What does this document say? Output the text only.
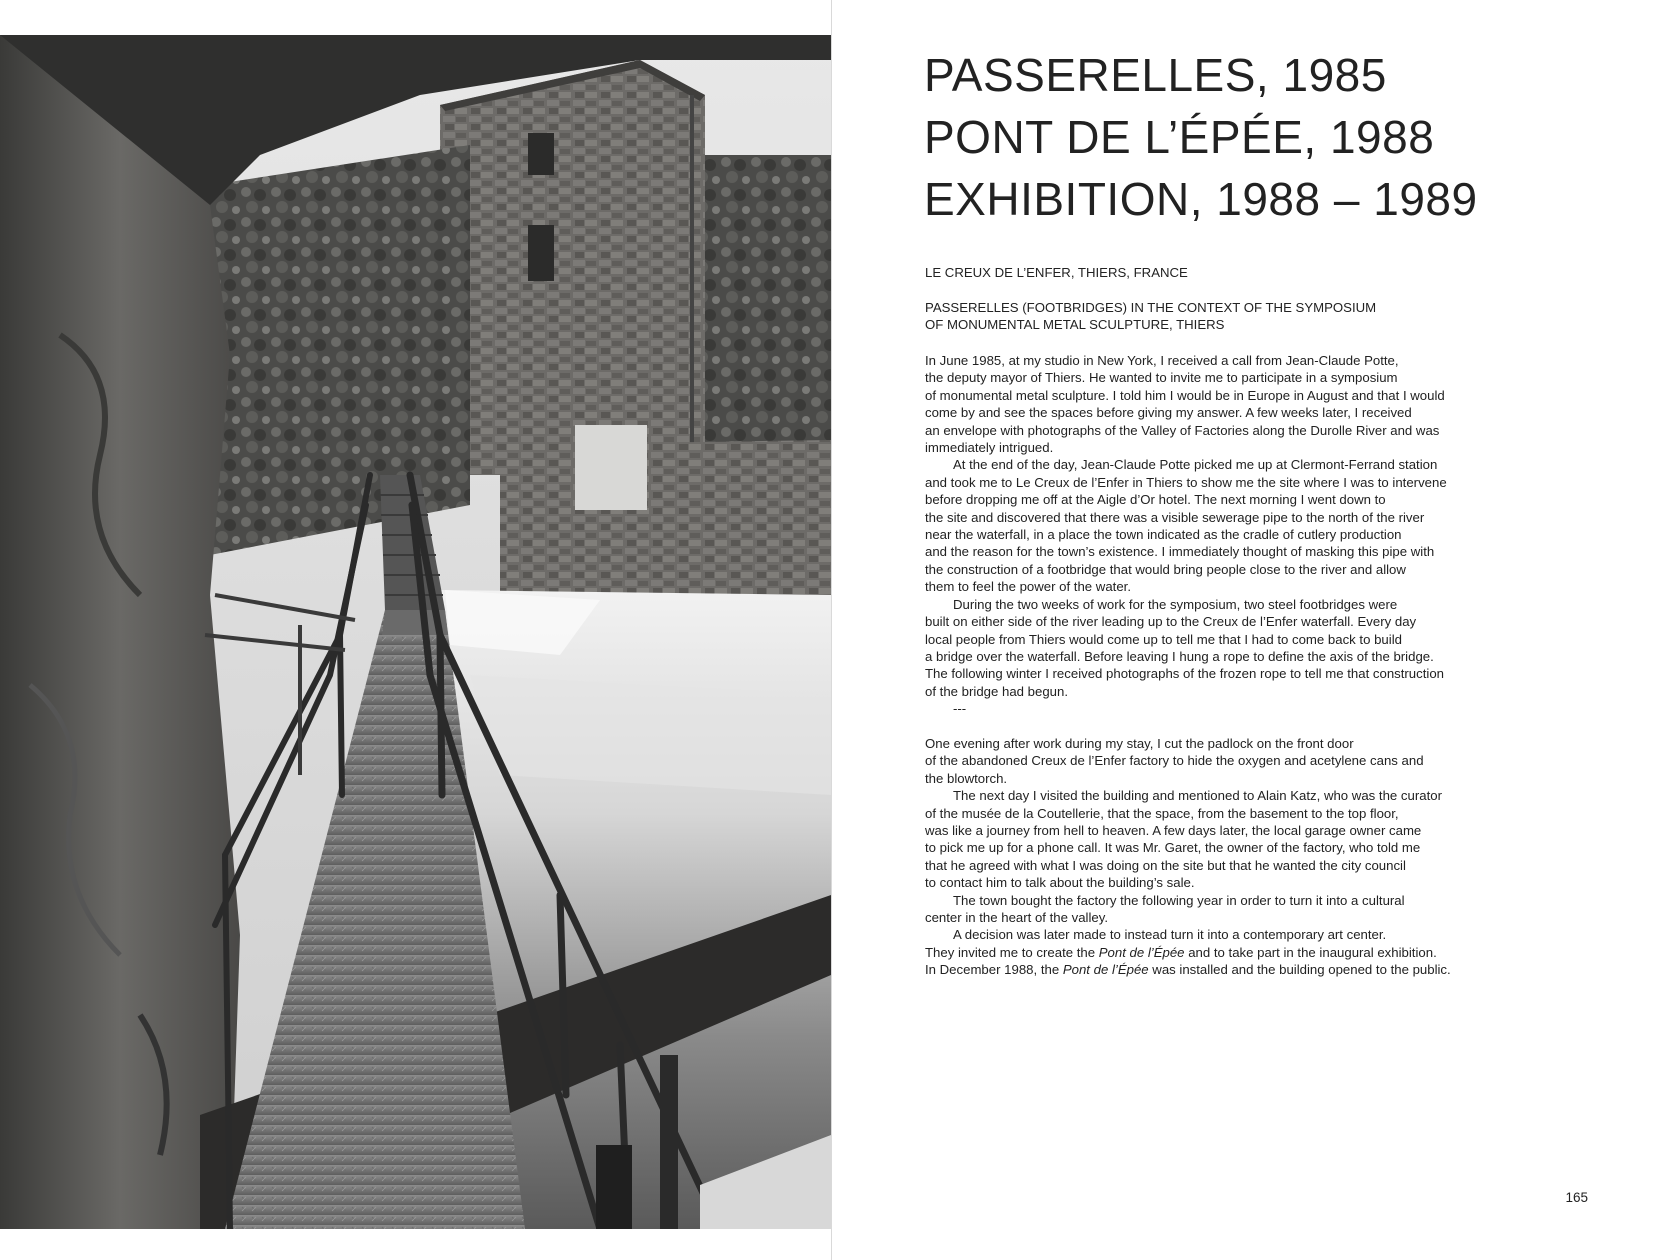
PASSERELLES, 1985
PONT DE L’ÉPÉE, 1988
EXHIBITION, 1988 – 1989

LE CREUX DE L’ENFER, THIERS, FRANCE

PASSERELLES (FOOTBRIDGES) IN THE CONTEXT OF THE SYMPOSIUM
OF MONUMENTAL METAL SCULPTURE, THIERS

In June 1985, at my studio in New York, I received a call from Jean-Claude Potte,
the deputy mayor of Thiers. He wanted to invite me to participate in a symposium
of monumental metal sculpture. I told him I would be in Europe in August and that I would
come by and see the spaces before giving my answer. A few weeks later, I received
an envelope with photographs of the Valley of Factories along the Durolle River and was
immediately intrigued.

At the end of the day, Jean-Claude Potte picked me up at Clermont-Ferrand station
and took me to Le Creux de l’Enfer in Thiers to show me the site where I was to intervene
before dropping me off at the Aigle d’Or hotel. The next morning I went down to
the site and discovered that there was a visible sewerage pipe to the north of the river
near the waterfall, in a place the town indicated as the cradle of cutlery production
and the reason for the town’s existence. I immediately thought of masking this pipe with
the construction of a footbridge that would bring people close to the river and allow
them to feel the power of the water.

During the two weeks of work for the symposium, two steel footbridges were
built on either side of the river leading up to the Creux de l’Enfer waterfall. Every day
local people from Thiers would come up to tell me that I had to come back to build
a bridge over the waterfall. Before leaving I hung a rope to define the axis of the bridge.
The following winter I received photographs of the frozen rope to tell me that construction
of the bridge had begun.

---

One evening after work during my stay, I cut the padlock on the front door
of the abandoned Creux de l’Enfer factory to hide the oxygen and acetylene cans and
the blowtorch.

The next day I visited the building and mentioned to Alain Katz, who was the curator
of the musée de la Coutellerie, that the space, from the basement to the top floor,
was like a journey from hell to heaven. A few days later, the local garage owner came
to pick me up for a phone call. It was Mr. Garet, the owner of the factory, who told me
that he agreed with what I was doing on the site but that he wanted the city council
to contact him to talk about the building’s sale.

The town bought the factory the following year in order to turn it into a cultural
center in the heart of the valley.

A decision was later made to instead turn it into a contemporary art center.
They invited me to create the Pont de l’Épée and to take part in the inaugural exhibition.
In December 1988, the Pont de l’Épée was installed and the building opened to the public.

165
